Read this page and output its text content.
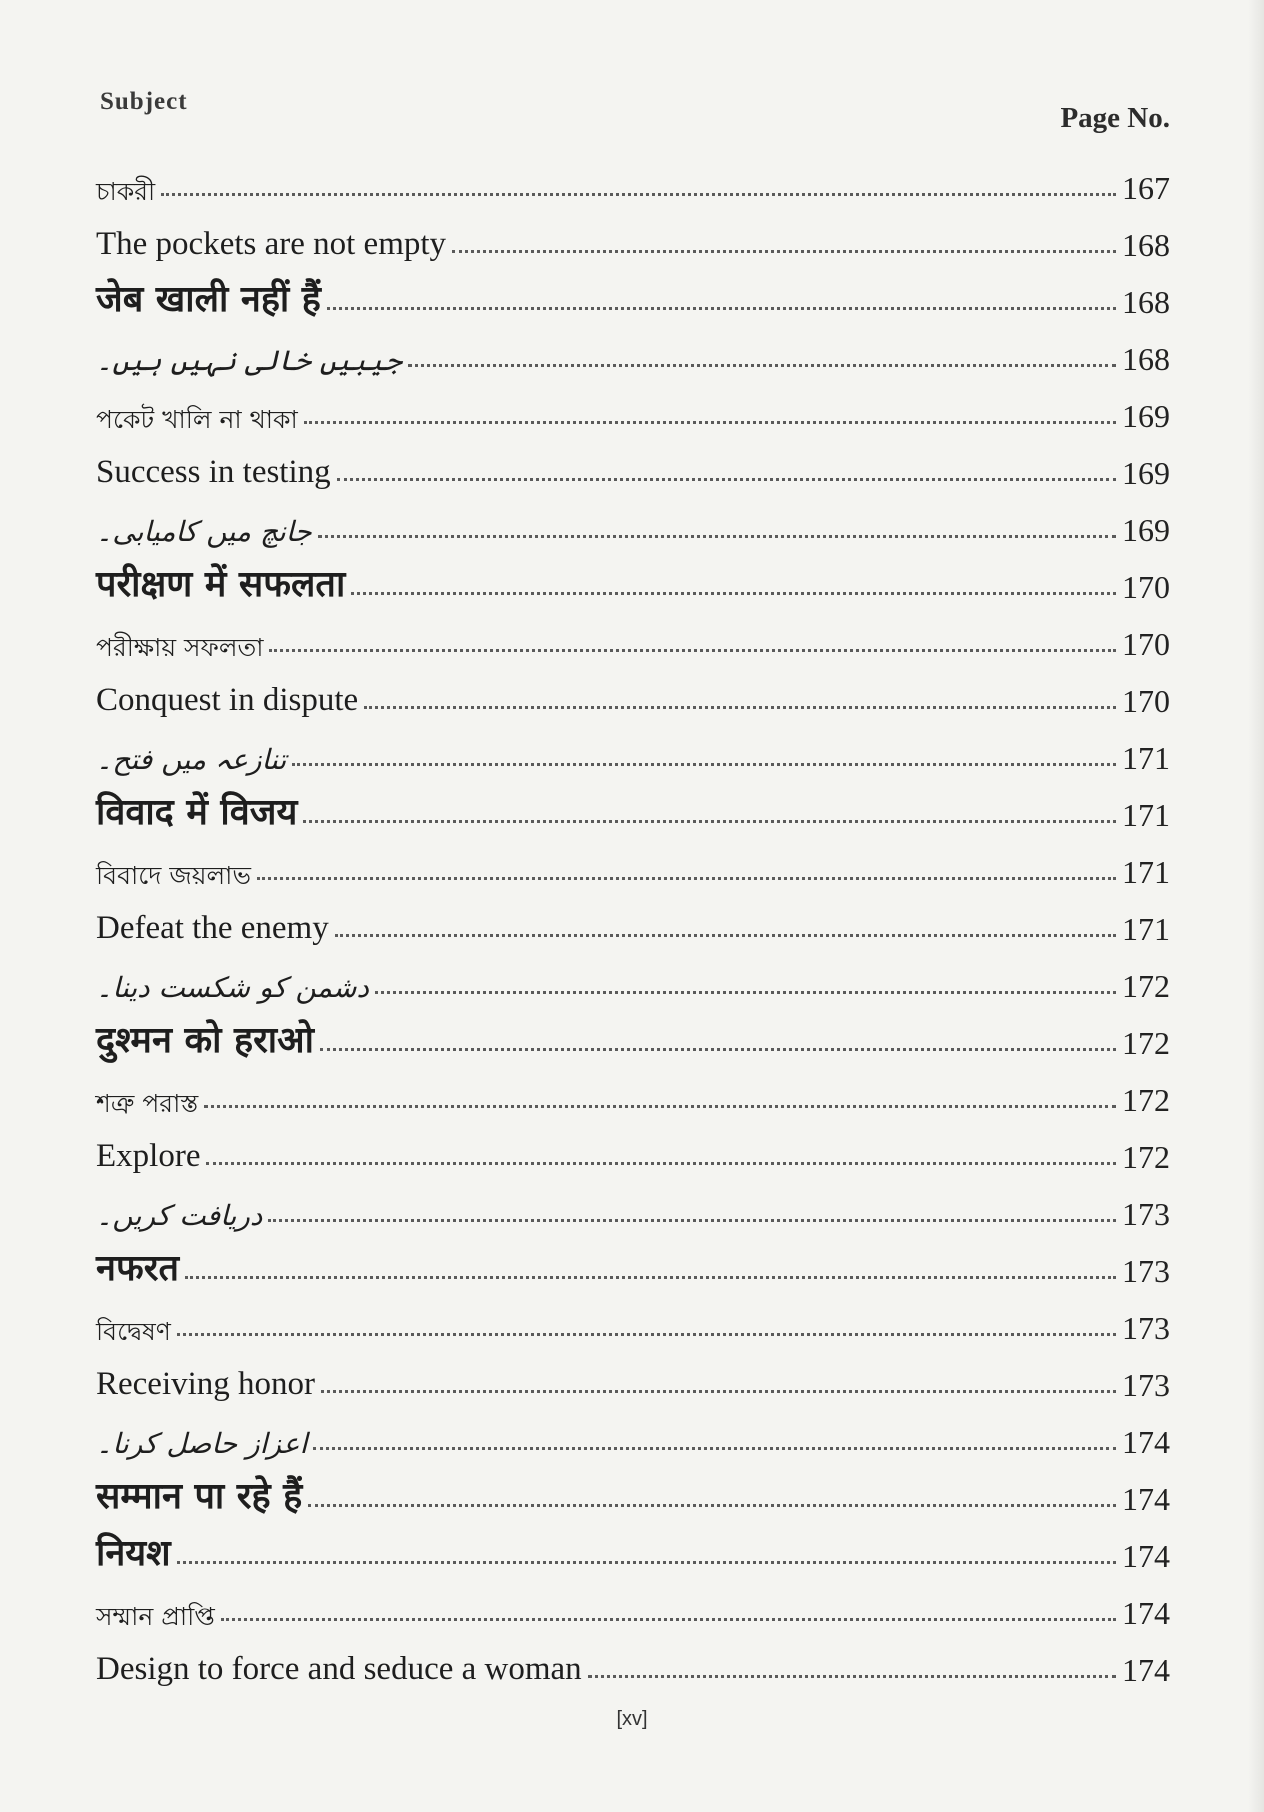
Subject
Page No.
চাকরী	167
The pockets are not empty	168
जेब खाली नहीं हैं	168
جیبیں خالی نہیں ہیں۔	168
পকেট খালি না থাকা	169
Success in testing	169
جانچ میں کامیابی۔	169
परीक्षण में सफलता	170
পরীক্ষায় সফলতা	170
Conquest in dispute	170
تنازعہ میں فتح۔	171
विवाद में विजय	171
বিবাদে জয়লাভ	171
Defeat the enemy	171
دشمن کو شکست دینا۔	172
दुश्मन को हराओ	172
শত্রু পরাস্ত	172
Explore	172
دریافت کریں۔	173
नफरत	173
বিদ্বেষণ	173
Receiving honor	173
اعزاز حاصل کرنا۔	174
सम्मान पा रहे हैं	174
नियश	174
সম্মান প্রাপ্তি	174
Design to force and seduce a woman	174
[xv]
